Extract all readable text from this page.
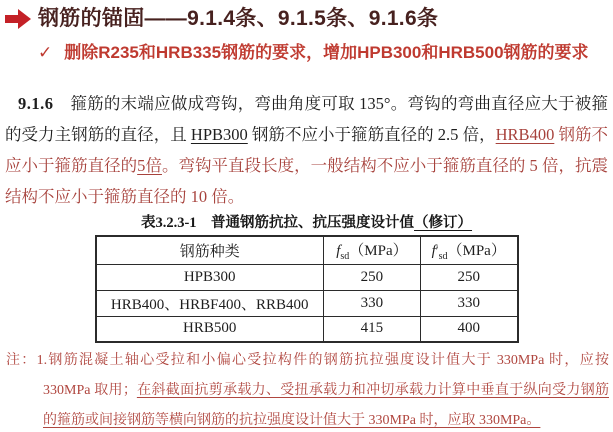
钢筋的锚固——9.1.4条、9.1.5条、9.1.6条
✓ 删除R235和HRB335钢筋的要求，增加HPB300和HRB500钢筋的要求

9.1.6　箍筋的末端应做成弯钩，弯曲角度可取 135°。弯钩的弯曲直径应大于被箍的受力主钢筋的直径，且 HPB300 钢筋不应小于箍筋直径的 2.5 倍，HRB400 钢筋不应小于箍筋直径的5倍。弯钩平直段长度，一般结构不应小于箍筋直径的 5 倍，抗震结构不应小于箍筋直径的 10 倍。

表3.2.3-1　普通钢筋抗拉、抗压强度设计值（修订）
钢筋种类	$f_{sd}(MPa)$	$f'_{sd}(MPa)$
HPB300	250	250
HRB400、HRBF400、RRB400	330	330
HRB500	415	400

注：1.钢筋混凝土轴心受拉和小偏心受拉构件的钢筋抗拉强度设计值大于 330MPa 时，应按 330MPa 取用；在斜截面抗剪承载力、受扭承载力和冲切承载力计算中垂直于纵向受力钢筋的箍筋或间接钢筋等横向钢筋的抗拉强度设计值大于 330MPa 时，应取 330MPa。
